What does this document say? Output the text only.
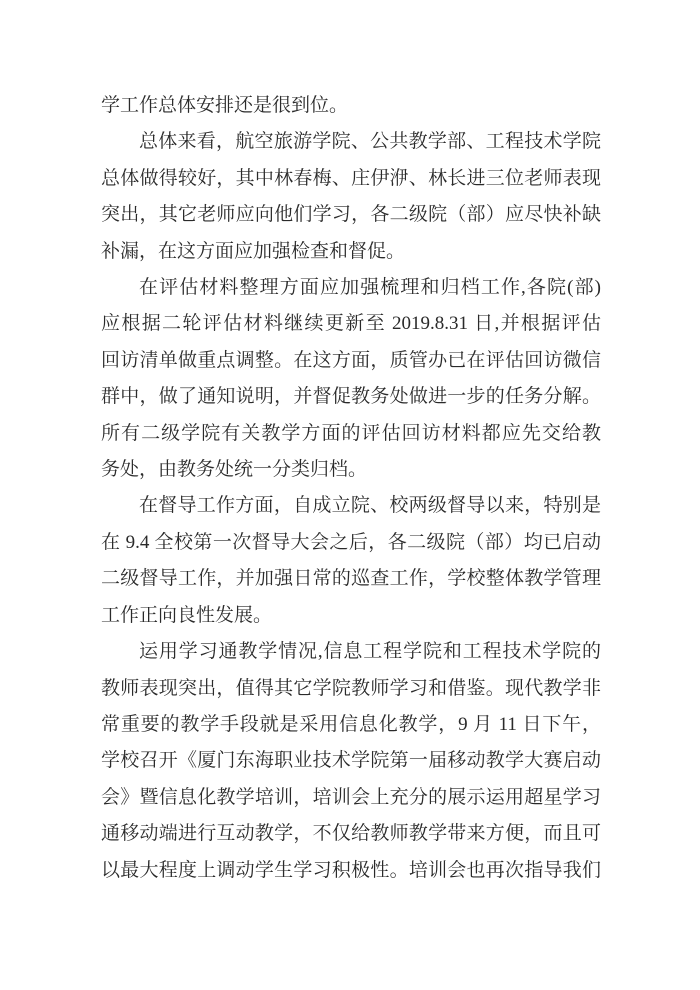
学工作总体安排还是很到位。
总体来看，航空旅游学院、公共教学部、工程技术学院
总体做得较好，其中林春梅、庄伊洢、林长进三位老师表现
突出，其它老师应向他们学习，各二级院（部）应尽快补缺
补漏，在这方面应加强检查和督促。
在评估材料整理方面应加强梳理和归档工作,各院(部)
应根据二轮评估材料继续更新至 2019.8.31 日,并根据评估
回访清单做重点调整。在这方面，质管办已在评估回访微信
群中，做了通知说明，并督促教务处做进一步的任务分解。
所有二级学院有关教学方面的评估回访材料都应先交给教
务处，由教务处统一分类归档。
在督导工作方面，自成立院、校两级督导以来，特别是
在 9.4 全校第一次督导大会之后，各二级院（部）均已启动
二级督导工作，并加强日常的巡查工作，学校整体教学管理
工作正向良性发展。
运用学习通教学情况,信息工程学院和工程技术学院的
教师表现突出，值得其它学院教师学习和借鉴。现代教学非
常重要的教学手段就是采用信息化教学，9 月 11 日下午，
学校召开《厦门东海职业技术学院第一届移动教学大赛启动
会》暨信息化教学培训，培训会上充分的展示运用超星学习
通移动端进行互动教学，不仅给教师教学带来方便，而且可
以最大程度上调动学生学习积极性。培训会也再次指导我们
